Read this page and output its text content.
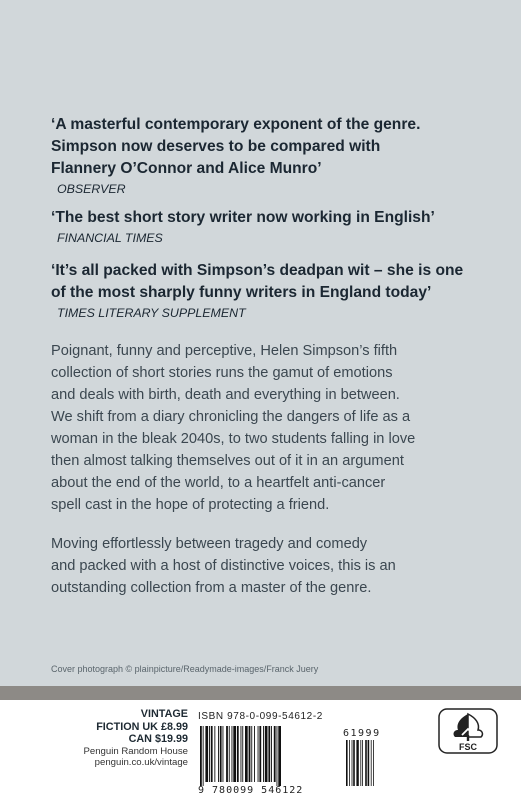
‘A masterful contemporary exponent of the genre.
Simpson now deserves to be compared with
Flannery O’Connor and Alice Munro’

OBSERVER

‘The best short story writer now working in English’

FINANCIAL TIMES

‘It’s all packed with Simpson’s deadpan wit – she is one
of the most sharply funny writers in England today’

TIMES LITERARY SUPPLEMENT

Poignant, funny and perceptive, Helen Simpson’s fifth
collection of short stories runs the gamut of emotions
and deals with birth, death and everything in between.
We shift from a diary chronicling the dangers of life as a
woman in the bleak 2040s, to two students falling in love
then almost talking themselves out of it in an argument
about the end of the world, to a heartfelt anti-cancer
spell cast in the hope of protecting a friend.

Moving effortlessly between tragedy and comedy
and packed with a host of distinctive voices, this is an
outstanding collection from a master of the genre.

Cover photograph © plainpicture/Readymade-images/Franck Juery
VINTAGE
FICTION UK £8.99
CAN $19.99
Penguin Random House
penguin.co.uk/vintage
ISBN 978-0-099-54612-2
61999
9 780099 546122
FSC
